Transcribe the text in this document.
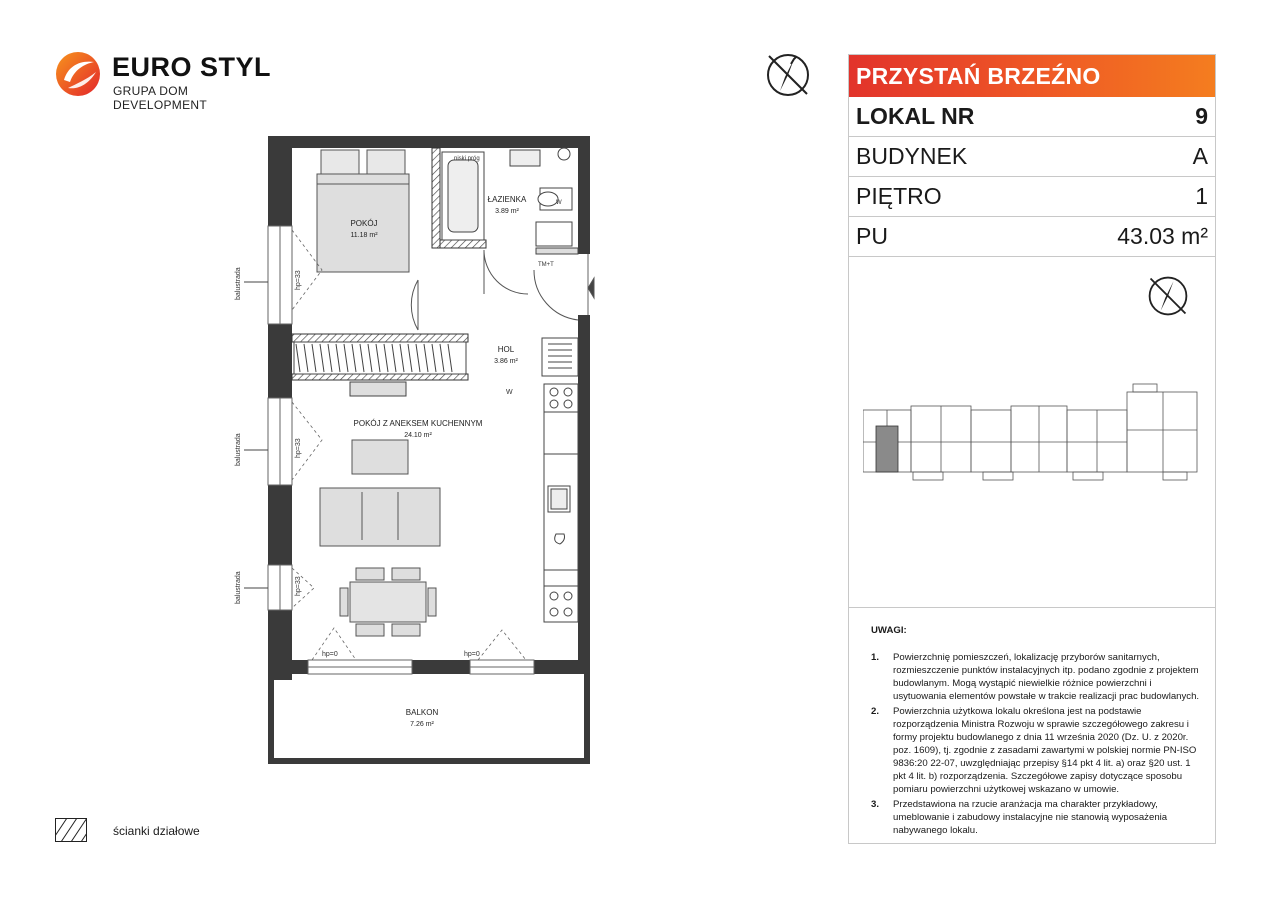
EURO STYL
GRUPA DOM DEVELOPMENT
balustrada
balustrada
balustrada
niski próg
W
TM+T
W
POKÓJ
11.18 m²
ŁAZIENKA
3.89 m²
HOL
3.86 m²
POKÓJ Z ANEKSEM KUCHENNYM
24.10 m²
BALKON
7.26 m²
hp=33
hp=33
hp=33
hp=0	hp=0
ścianki działowe
PRZYSTAŃ BRZEŹNO
LOKAL NR	9
BUDYNEK	A
PIĘTRO	1
PU	43.03 m²
UWAGI:
1.	Powierzchnię pomieszczeń, lokalizację przyborów sanitarnych, rozmieszczenie punktów instalacyjnych itp. podano zgodnie z projektem budowlanym. Mogą wystąpić niewielkie różnice powierzchni i usytuowania elementów powstałe w trakcie realizacji prac budowlanych.
2.	Powierzchnia użytkowa lokalu określona jest na podstawie rozporządzenia Ministra Rozwoju w sprawie szczegółowego zakresu i formy projektu budowlanego z dnia 11 września 2020 (Dz. U. z 2020r. poz. 1609), tj. zgodnie z zasadami zawartymi w polskiej normie PN-ISO 9836:20 22-07, uwzględniając przepisy §14 pkt 4 lit. a) oraz §20 ust. 1 pkt 4 lit. b) rozporządzenia. Szczegółowe zapisy dotyczące sposobu pomiaru powierzchni użytkowej wskazano w umowie.
3.	Przedstawiona na rzucie aranżacja ma charakter przykładowy, umeblowanie i zabudowy instalacyjne nie stanowią wyposażenia nabywanego lokalu.
